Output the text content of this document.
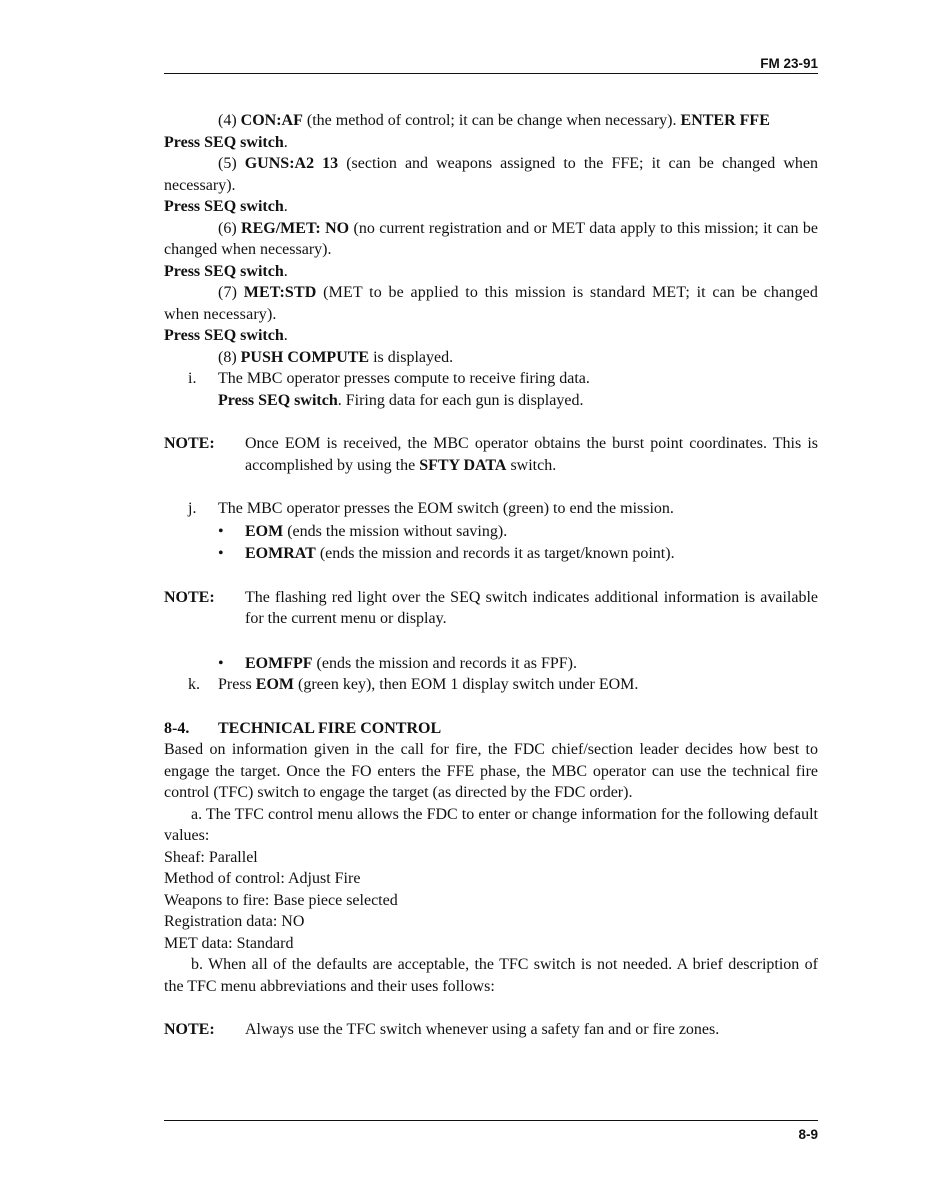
FM 23-91

(4) CON:AF (the method of control; it can be change when necessary). ENTER FFE

Press SEQ switch.

(5) GUNS:A2 13 (section and weapons assigned to the FFE; it can be changed when necessary).

Press SEQ switch.

(6) REG/MET: NO (no current registration and or MET data apply to this mission; it can be changed when necessary).

Press SEQ switch.

(7) MET:STD (MET to be applied to this mission is standard MET; it can be changed when necessary).

Press SEQ switch.

(8) PUSH COMPUTE is displayed.

i. The MBC operator presses compute to receive firing data.

Press SEQ switch. Firing data for each gun is displayed.

NOTE: Once EOM is received, the MBC operator obtains the burst point coordinates. This is accomplished by using the SFTY DATA switch.

j. The MBC operator presses the EOM switch (green) to end the mission.

• EOM (ends the mission without saving).
• EOMRAT (ends the mission and records it as target/known point).
NOTE: The flashing red light over the SEQ switch indicates additional information is available for the current menu or display.

• EOMFPF (ends the mission and records it as FPF).
k. Press EOM (green key), then EOM 1 display switch under EOM.

8-4. TECHNICAL FIRE CONTROL

Based on information given in the call for fire, the FDC chief/section leader decides how best to engage the target. Once the FO enters the FFE phase, the MBC operator can use the technical fire control (TFC) switch to engage the target (as directed by the FDC order).

a. The TFC control menu allows the FDC to enter or change information for the following default values:

Sheaf: Parallel

Method of control: Adjust Fire

Weapons to fire: Base piece selected

Registration data: NO

MET data: Standard

b. When all of the defaults are acceptable, the TFC switch is not needed. A brief description of the TFC menu abbreviations and their uses follows:

NOTE: Always use the TFC switch whenever using a safety fan and or fire zones.

8-9
